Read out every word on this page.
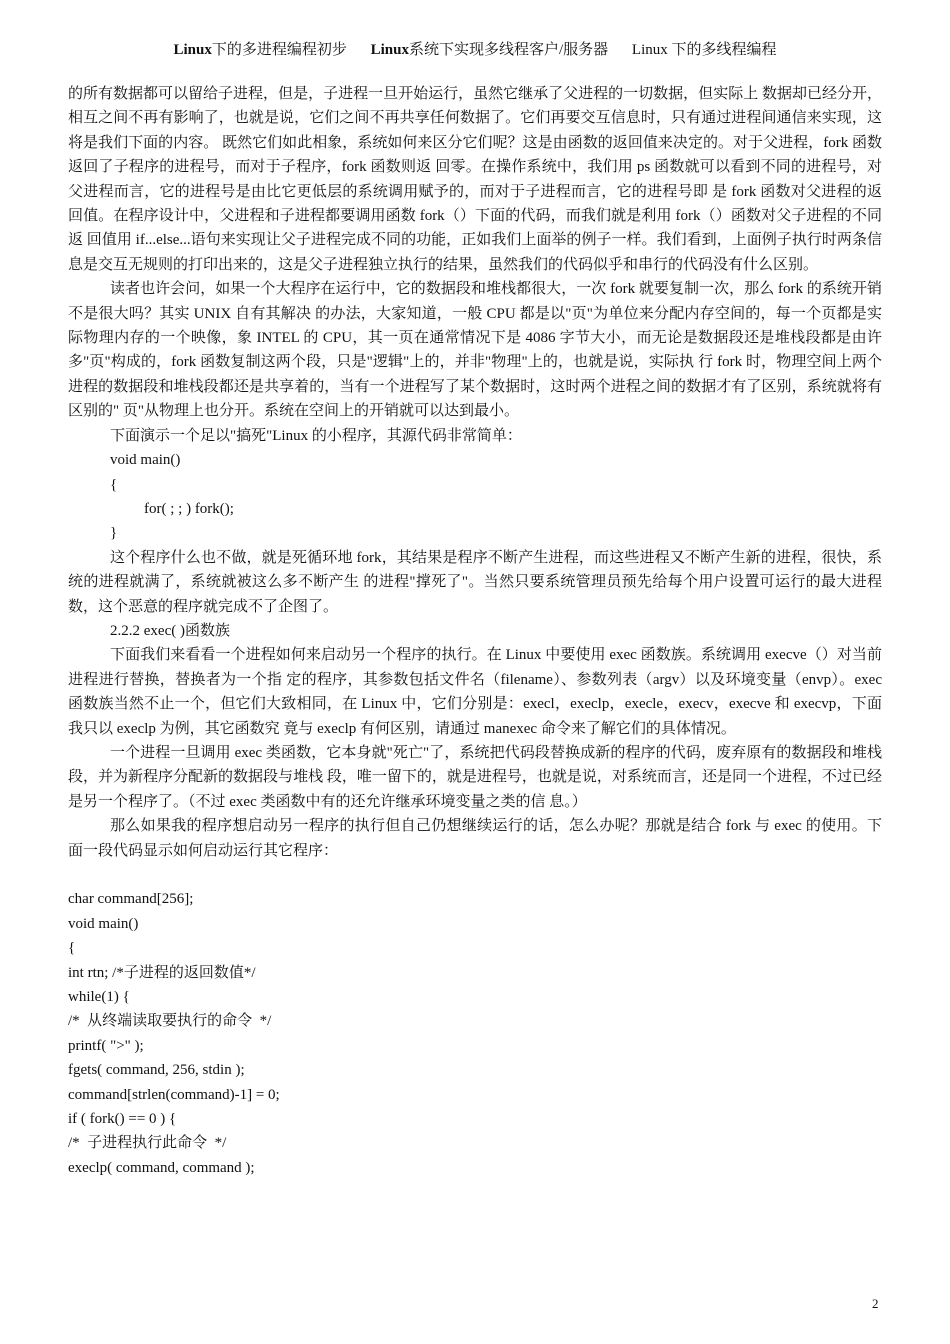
Linux下的多进程编程初步 Linux系统下实现多线程客户/服务器 Linux 下的多线程编程
的所有数据都可以留给子进程，但是，子进程一旦开始运行，虽然它继承了父进程的一切数据，但实际上 数据却已经分开，相互之间不再有影响了，也就是说，它们之间不再共享任何数据了。它们再要交互信息时，只有通过进程间通信来实现，这将是我们下面的内容。 既然它们如此相象，系统如何来区分它们呢？这是由函数的返回值来决定的。对于父进程，fork 函数返回了子程序的进程号，而对于子程序，fork 函数则返 回零。在操作系统中，我们用 ps 函数就可以看到不同的进程号，对父进程而言，它的进程号是由比它更低层的系统调用赋予的，而对于子进程而言，它的进程号即 是 fork 函数对父进程的返回值。在程序设计中，父进程和子进程都要调用函数 fork（）下面的代码，而我们就是利用 fork（）函数对父子进程的不同返 回值用 if...else...语句来实现让父子进程完成不同的功能，正如我们上面举的例子一样。我们看到，上面例子执行时两条信息是交互无规则的打印出来的，这是父子进程独立执行的结果，虽然我们的代码似乎和串行的代码没有什么区别。
读者也许会问，如果一个大程序在运行中，它的数据段和堆栈都很大，一次 fork 就要复制一次，那么 fork 的系统开销不是很大吗？其实 UNIX 自有其解决 的办法，大家知道，一般 CPU 都是以"页"为单位来分配内存空间的，每一个页都是实际物理内存的一个映像，象 INTEL 的 CPU，其一页在通常情况下是 4086 字节大小，而无论是数据段还是堆栈段都是由许多"页"构成的，fork 函数复制这两个段，只是"逻辑"上的，并非"物理"上的，也就是说，实际执 行 fork 时，物理空间上两个进程的数据段和堆栈段都还是共享着的，当有一个进程写了某个数据时，这时两个进程之间的数据才有了区别，系统就将有区别的" 页"从物理上也分开。系统在空间上的开销就可以达到最小。
下面演示一个足以"搞死"Linux 的小程序，其源代码非常简单：
void main()
{
for( ; ; ) fork();
}
这个程序什么也不做，就是死循环地 fork，其结果是程序不断产生进程，而这些进程又不断产生新的进程，很快，系统的进程就满了，系统就被这么多不断产生 的进程"撑死了"。当然只要系统管理员预先给每个用户设置可运行的最大进程数，这个恶意的程序就完成不了企图了。
2.2.2 exec( )函数族
下面我们来看看一个进程如何来启动另一个程序的执行。在 Linux 中要使用 exec 函数族。系统调用 execve（）对当前进程进行替换，替换者为一个指 定的程序，其参数包括文件名（filename）、参数列表（argv）以及环境变量（envp）。exec 函数族当然不止一个，但它们大致相同，在 Linux 中，它们分别是：execl，execlp，execle，execv，execve 和 execvp，下面我只以 execlp 为例，其它函数究 竟与 execlp 有何区别，请通过 manexec 命令来了解它们的具体情况。
一个进程一旦调用 exec 类函数，它本身就"死亡"了，系统把代码段替换成新的程序的代码，废弃原有的数据段和堆栈段，并为新程序分配新的数据段与堆栈 段，唯一留下的，就是进程号，也就是说，对系统而言，还是同一个进程，不过已经是另一个程序了。（不过 exec 类函数中有的还允许继承环境变量之类的信 息。）
那么如果我的程序想启动另一程序的执行但自己仍想继续运行的话，怎么办呢？那就是结合 fork 与 exec 的使用。下面一段代码显示如何启动运行其它程序：
char command[256];
void main()
{
int rtn; /*子进程的返回数值*/
while(1) {
/*  从终端读取要执行的命令  */
printf( ">" );
fgets( command, 256, stdin );
command[strlen(command)-1] = 0;
if ( fork() == 0 ) {
/*  子进程执行此命令  */
execlp( command, command );
2
